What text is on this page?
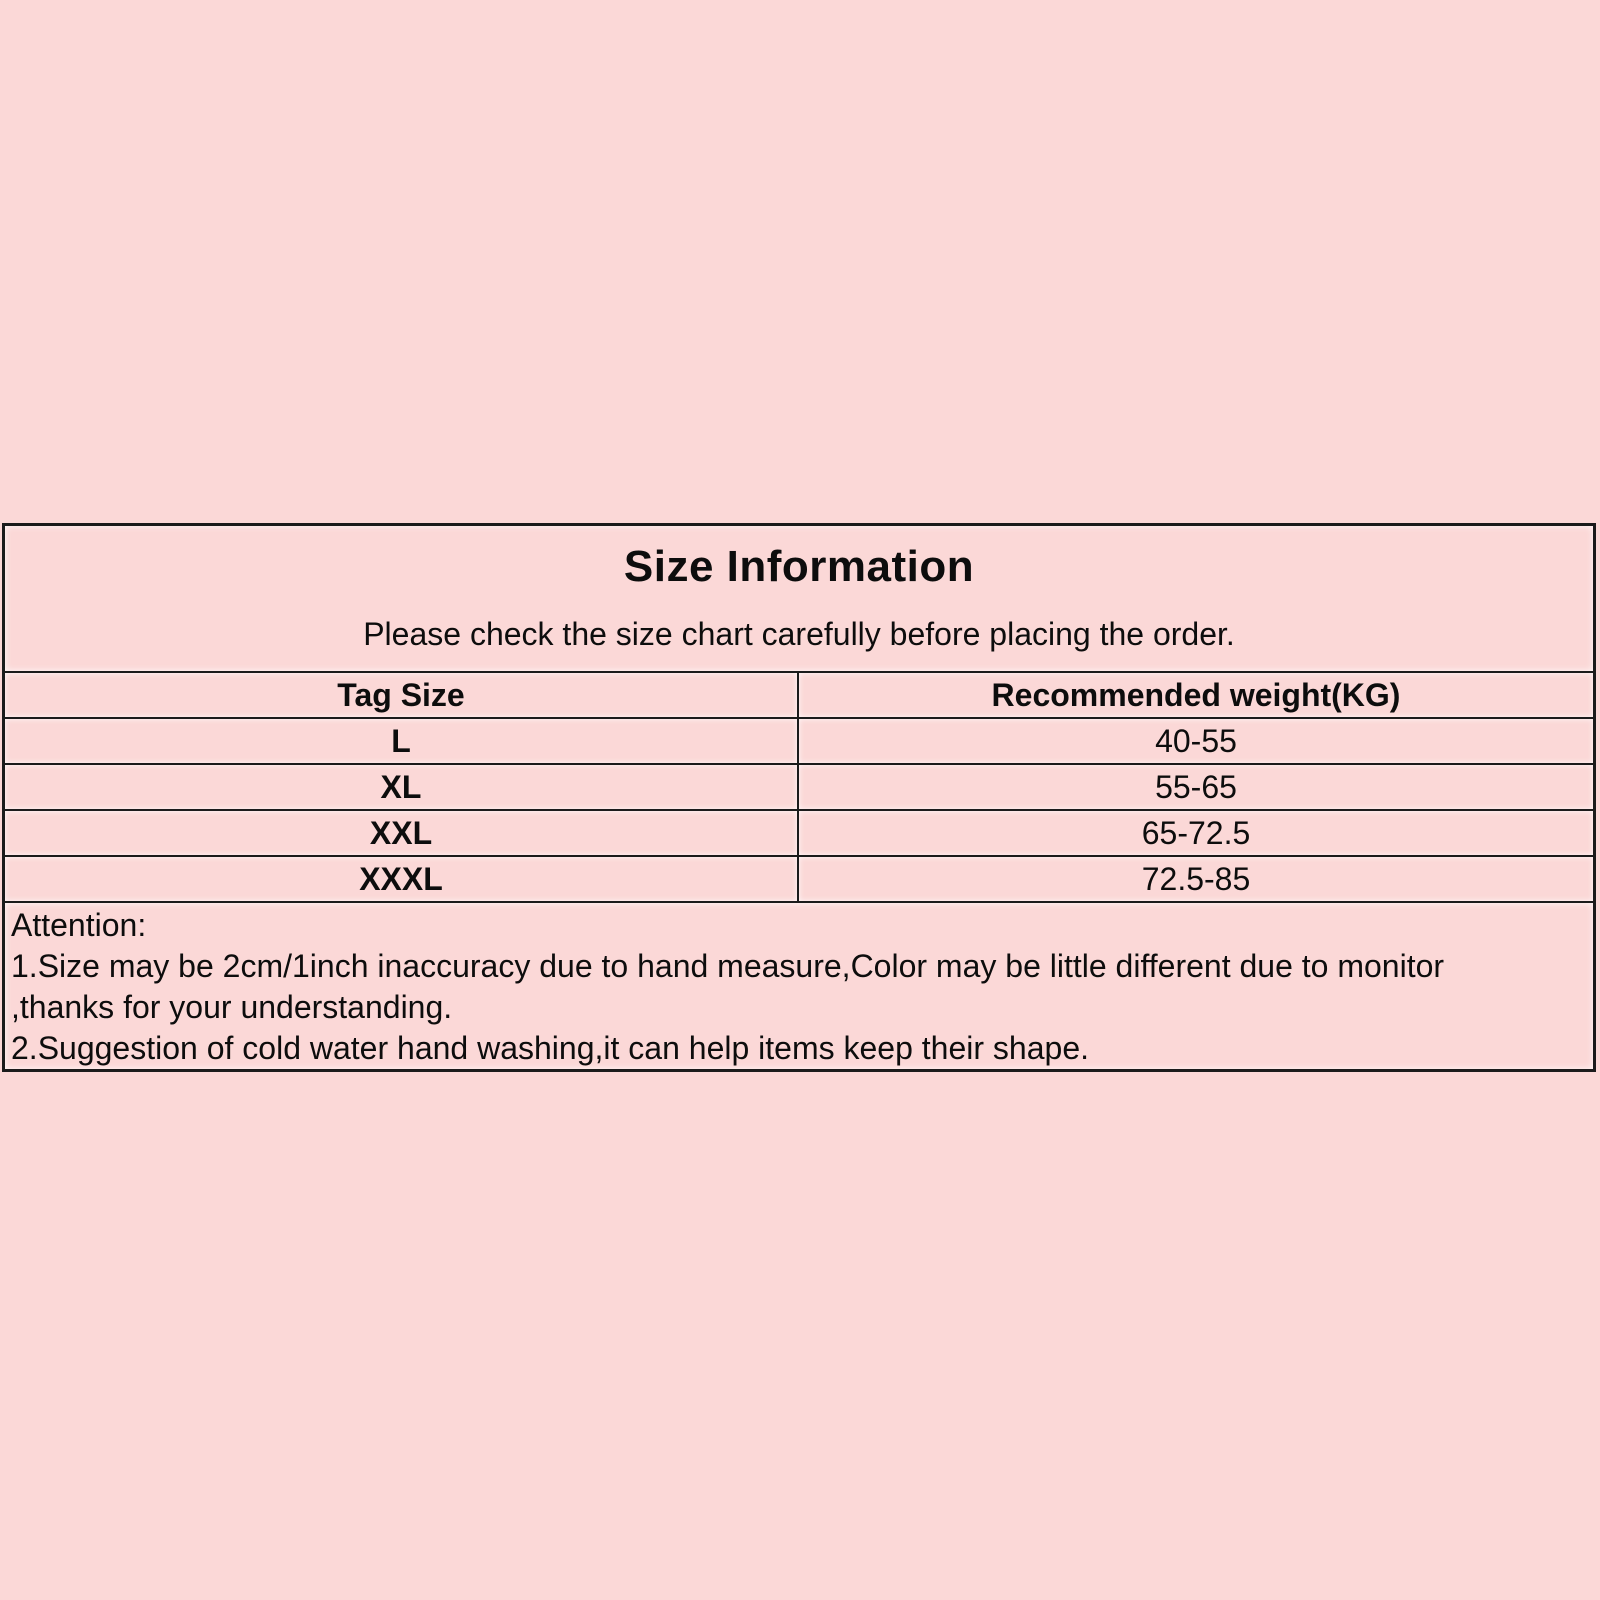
Size Information
Please check the size chart carefully before placing the order.
Tag Size	Recommended weight(KG)
L	40-55
XL	55-65
XXL	65-72.5
XXXL	72.5-85
Attention:
1.Size may be 2cm/1inch inaccuracy due to hand measure,Color may be little different due to monitor
,thanks for your understanding.
2.Suggestion of cold water hand washing,it can help items keep their shape.
